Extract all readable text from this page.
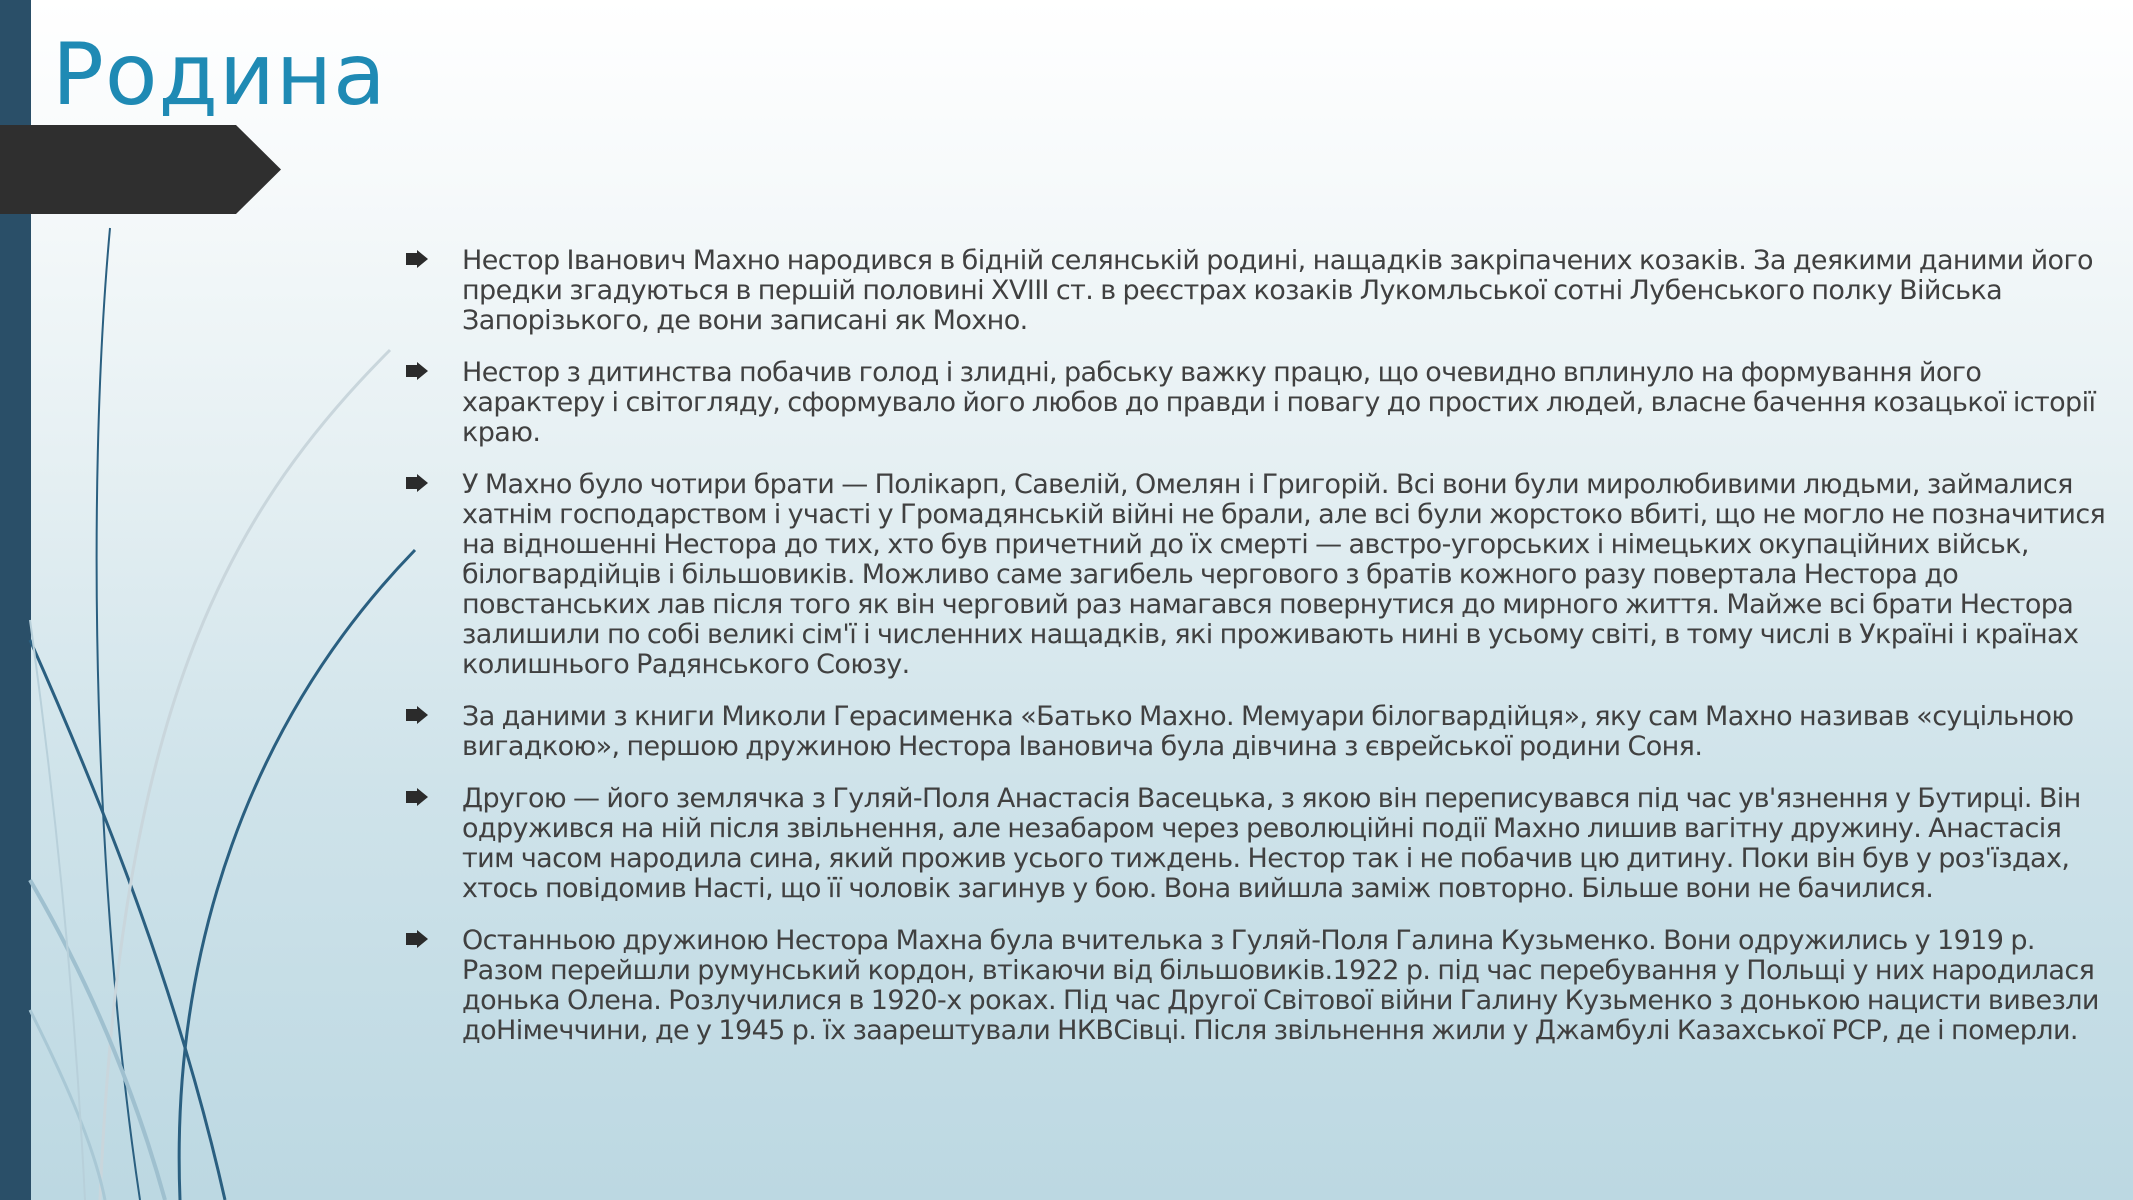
Родина
Нестор Іванович Махно народився в бідній селянській родині, нащадків закріпачених козаків. За деякими даними його предки згадуються в першій половині XVIII ст. в реєстрах козаків Лукомльської сотні Лубенського полку Війська Запорізького, де вони записані як Мохно.
Нестор з дитинства побачив голод і злидні, рабську важку працю, що очевидно вплинуло на формування його характеру і світогляду, сформувало його любов до правди і повагу до простих людей, власне бачення козацької історії краю.
У Махно було чотири брати — Полікарп, Савелій, Омелян і Григорій. Всі вони були миролюбивими людьми, займалися хатнім господарством і участі у Громадянській війні не брали, але всі були жорстоко вбиті, що не могло не позначитися на відношенні Нестора до тих, хто був причетний до їх смерті — австро-угорських і німецьких окупаційних військ, білогвардійців і більшовиків. Можливо саме загибель чергового з братів кожного разу повертала Нестора до повстанських лав після того як він черговий раз намагався повернутися до мирного життя. Майже всі брати Нестора залишили по собі великі сім'ї і численних нащадків, які проживають нині в усьому світі, в тому числі в Україні і країнах колишнього Радянського Союзу.
За даними з книги Миколи Герасименка «Батько Махно. Мемуари білогвардійця», яку сам Махно називав «суцільною вигадкою», першою дружиною Нестора Івановича була дівчина з єврейської родини Соня.
Другою — його землячка з Гуляй-Поля Анастасія Васецька, з якою він переписувався під час ув'язнення у Бутирці. Він одружився на ній після звільнення, але незабаром через революційні події Махно лишив вагітну дружину. Анастасія тим часом народила сина, який прожив усього тиждень. Нестор так і не побачив цю дитину. Поки він був у роз'їздах, хтось повідомив Насті, що її чоловік загинув у бою. Вона вийшла заміж повторно. Більше вони не бачилися.
Останньою дружиною Нестора Махна була вчителька з Гуляй-Поля Галина Кузьменко. Вони одружились у 1919 р. Разом перейшли румунський кордон, втікаючи від більшовиків.1922 р. під час перебування у Польщі у них народилася донька Олена. Розлучилися в 1920-х роках. Під час Другої Світової війни Галину Кузьменко з донькою нацисти вивезли доНімеччини, де у 1945 р. їх заарештували НКВСівці. Після звільнення жили у Джамбулі Казахської РСР, де і померли.
